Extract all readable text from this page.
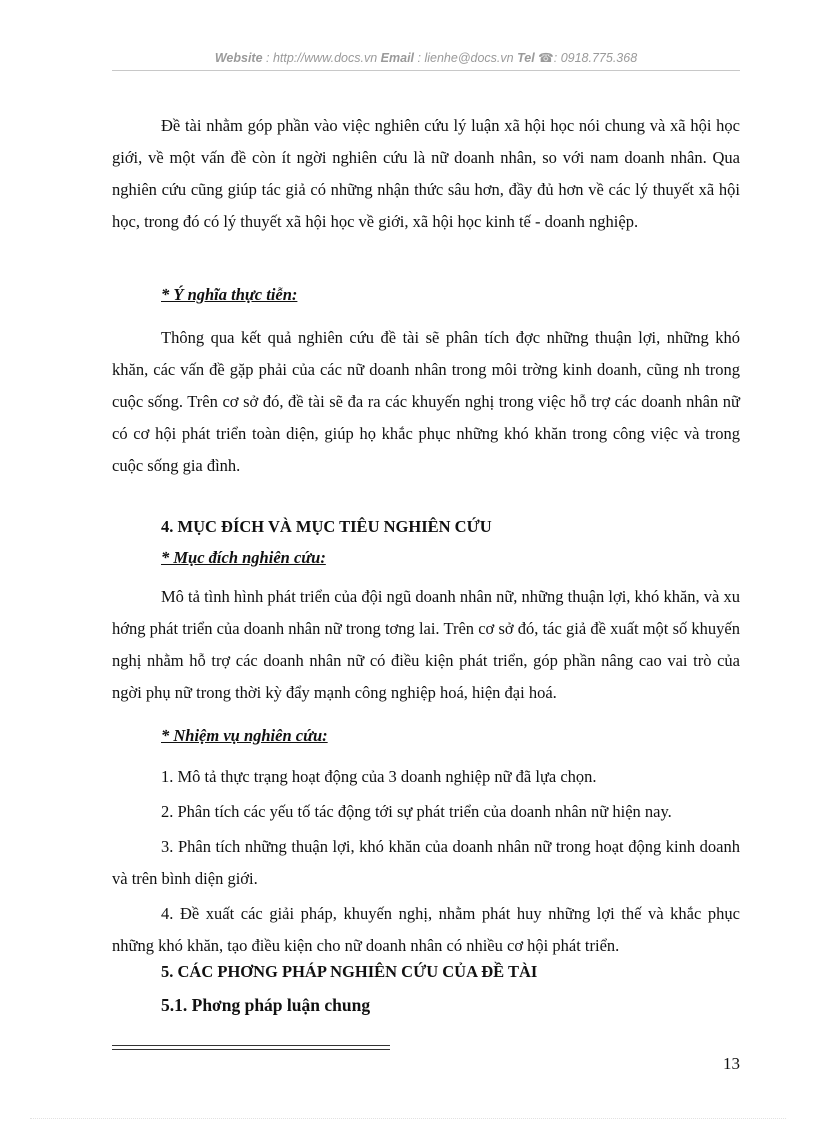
Website : http://www.docs.vn Email : lienhe@docs.vn Tel ☎: 0918.775.368

Đề tài nhằm góp phần vào việc nghiên cứu lý luận xã hội học nói chung và xã hội học giới, về một vấn đề còn ít ngời nghiên cứu là nữ doanh nhân, so với nam doanh nhân. Qua nghiên cứu cũng giúp tác giả có những nhận thức sâu hơn, đầy đủ hơn về các lý thuyết xã hội học, trong đó có lý thuyết xã hội học về giới, xã hội học kinh tế - doanh nghiệp.

* Ý nghĩa thực tiễn:

Thông qua kết quả nghiên cứu đề tài sẽ phân tích đợc những thuận lợi, những khó khăn, các vấn đề gặp phải của các nữ doanh nhân trong môi trờng kinh doanh, cũng nh trong cuộc sống. Trên cơ sở đó, đề tài sẽ đa ra các khuyến nghị trong việc hỗ trợ các doanh nhân nữ có cơ hội phát triển toàn diện, giúp họ khắc phục những khó khăn trong công việc và trong cuộc sống gia đình.

4. MỤC ĐÍCH VÀ MỤC TIÊU NGHIÊN CỨU

* Mục đích nghiên cứu:

Mô tả tình hình phát triển của đội ngũ doanh nhân nữ, những thuận lợi, khó khăn, và xu hớng phát triển của doanh nhân nữ trong tơng lai. Trên cơ sở đó, tác giả đề xuất một số khuyến nghị nhằm hỗ trợ các doanh nhân nữ có điều kiện phát triển, góp phần nâng cao vai trò của ngời phụ nữ trong thời kỳ đẩy mạnh công nghiệp hoá, hiện đại hoá.

* Nhiệm vụ nghiên cứu:

1. Mô tả thực trạng hoạt động của 3 doanh nghiệp nữ đã lựa chọn.

2. Phân tích các yếu tố tác động tới sự phát triển của doanh nhân nữ hiện nay.

3. Phân tích những thuận lợi, khó khăn của doanh nhân nữ trong hoạt động kinh doanh và trên bình diện giới.

4. Đề xuất các giải pháp, khuyến nghị, nhằm phát huy những lợi thế và khắc phục những khó khăn, tạo điều kiện cho nữ doanh nhân có nhiều cơ hội phát triển.

5. CÁC PHƠNG PHÁP NGHIÊN CỨU CỦA ĐỀ TÀI

5.1. Phơng pháp luận chung

13
